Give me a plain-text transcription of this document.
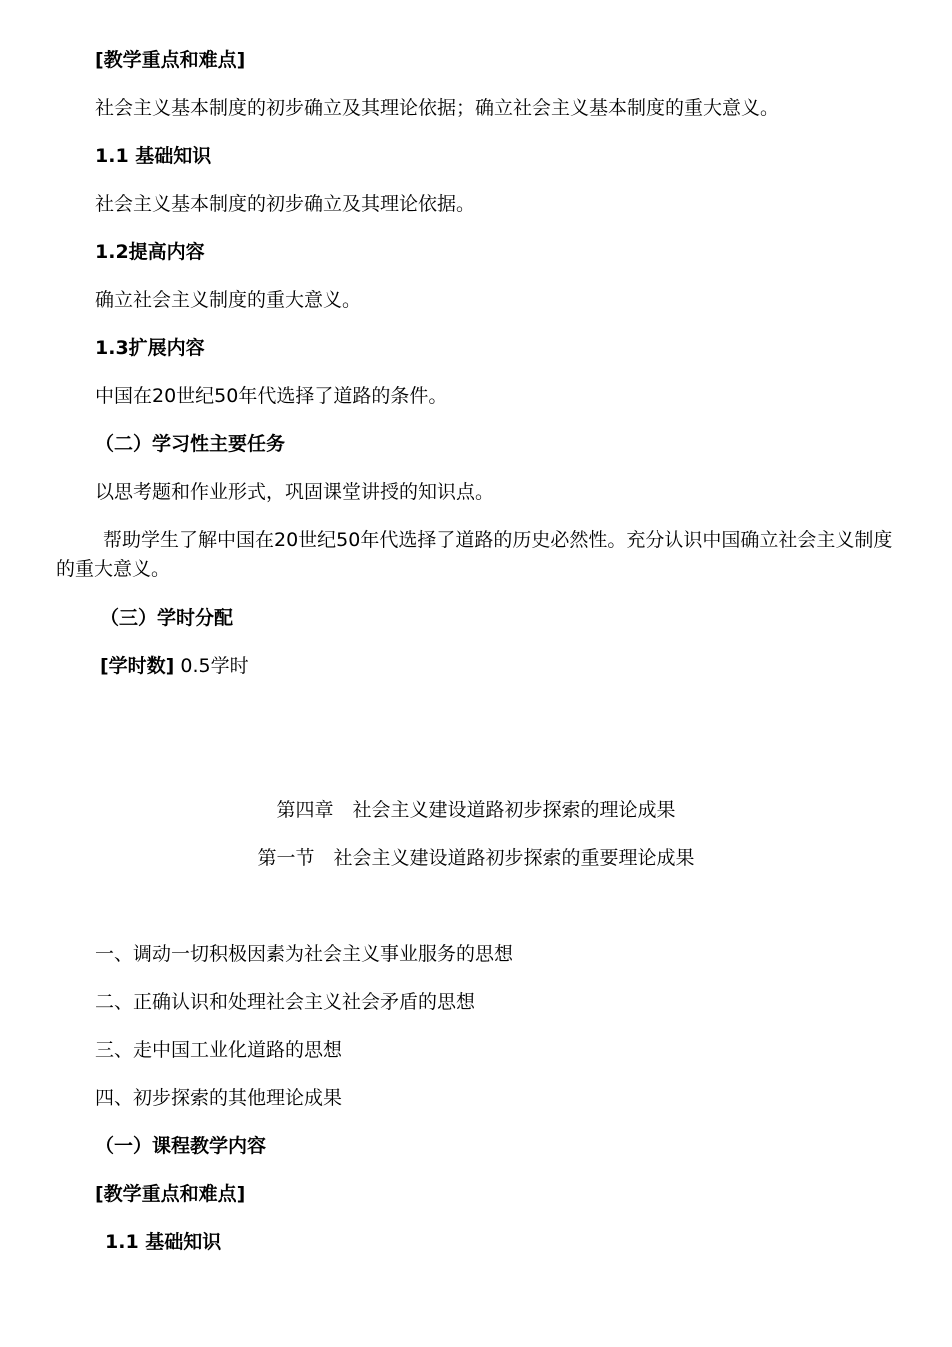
[教学重点和难点]
社会主义基本制度的初步确立及其理论依据；确立社会主义基本制度的重大意义。
1.1 基础知识
社会主义基本制度的初步确立及其理论依据。
1.2提高内容
确立社会主义制度的重大意义。
1.3扩展内容
中国在20世纪50年代选择了道路的条件。
（二）学习性主要任务
以思考题和作业形式，巩固课堂讲授的知识点。
帮助学生了解中国在20世纪50年代选择了道路的历史必然性。充分认识中国确立社会主义制度的重大意义。
（三）学时分配
[学时数] 0.5学时
第四章　社会主义建设道路初步探索的理论成果
第一节　社会主义建设道路初步探索的重要理论成果
一、调动一切积极因素为社会主义事业服务的思想
二、正确认识和处理社会主义社会矛盾的思想
三、走中国工业化道路的思想
四、初步探索的其他理论成果
（一）课程教学内容
[教学重点和难点]
1.1 基础知识
